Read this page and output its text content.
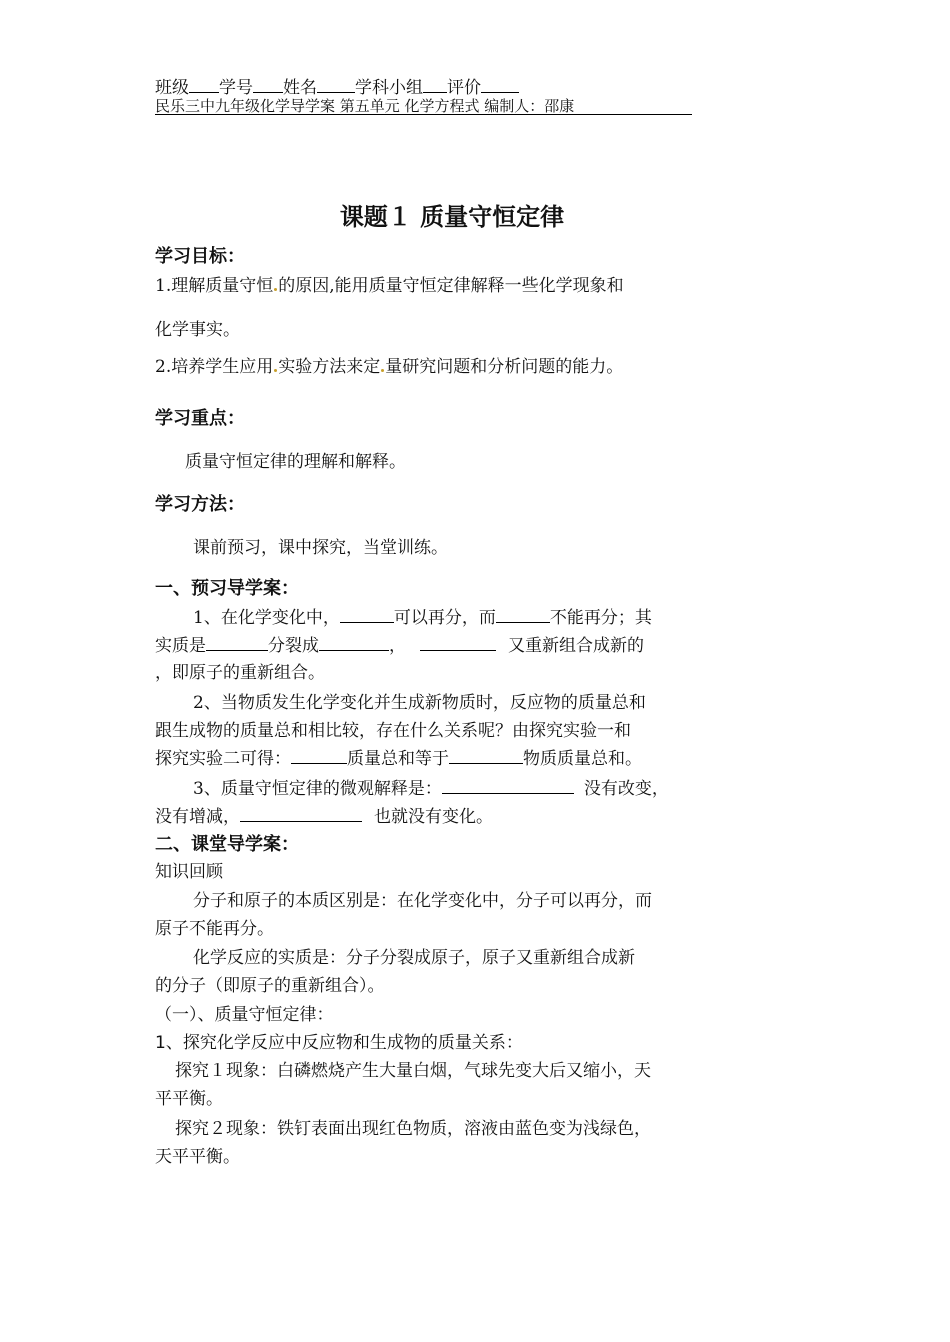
班级 学号 姓名 学科小组 评价
民乐三中九年级化学导学案 第五单元 化学方程式 编制人：邵康
课题１ 质量守恒定律
学习目标：
1.理解质量守恒 的原因,能用质量守恒定律解释一些化学现象和
化学事实。
2.培养学生应用 实验方法来定 量研究问题和分析问题的能力。
学习重点：
质量守恒定律的理解和解释。
学习方法：
课前预习，课中探究，当堂训练。
一、预习导学案：
1、在化学变化中，	可以再分，而	不能再分；其
实质是	分裂成	，	又重新组合成新的
，即原子的重新组合。
2、当物质发生化学变化并生成新物质时，反应物的质量总和
跟生成物的质量总和相比较，存在什么关系呢？由探究实验一和
探究实验二可得：	质量总和等于	物质质量总和。
3、质量守恒定律的微观解释是：	没有改变，
没有增减，	也就没有变化。
二、课堂导学案：
知识回顾
分子和原子的本质区别是：在化学变化中，分子可以再分，而
原子不能再分。
化学反应的实质是：分子分裂成原子，原子又重新组合成新
的分子（即原子的重新组合）。
（一）、质量守恒定律：
1、探究化学反应中反应物和生成物的质量关系：
探究１现象：白磷燃烧产生大量白烟，气球先变大后又缩小，天
平平衡。
探究２现象：铁钉表面出现红色物质，溶液由蓝色变为浅绿色，
天平平衡。
